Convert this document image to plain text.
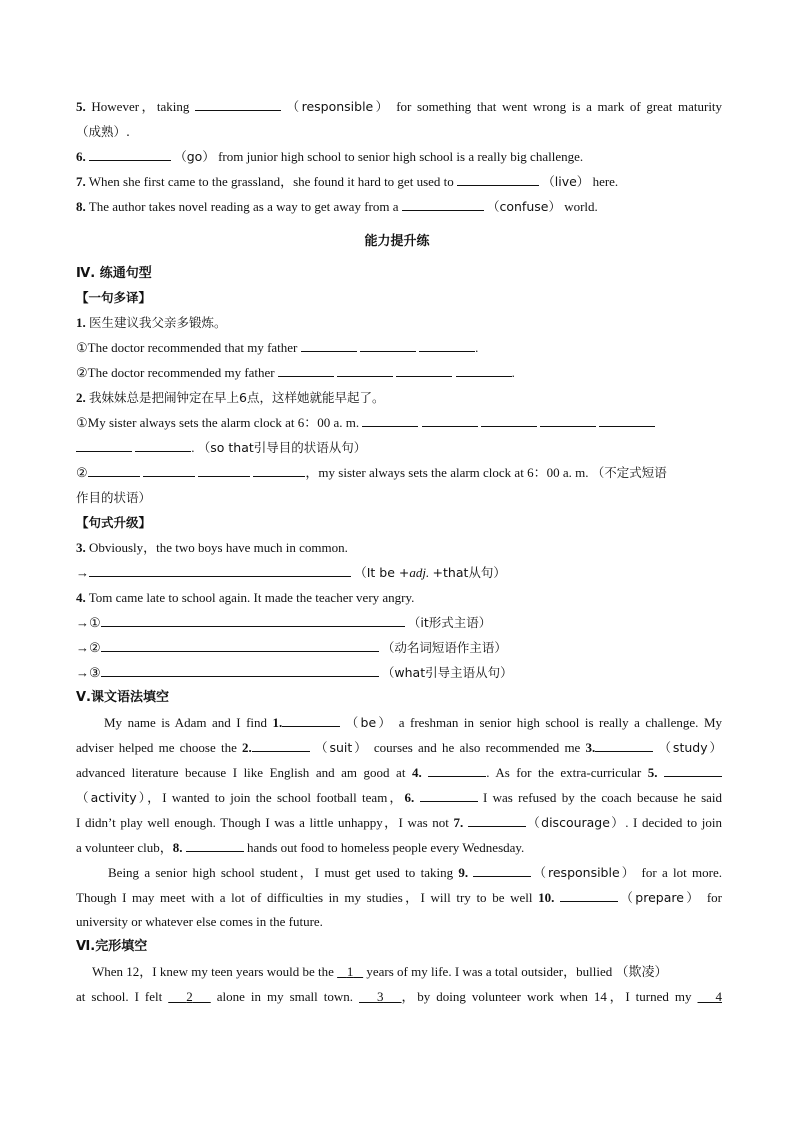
5. However，taking	（responsible） for something that went wrong is a mark of great maturity
（成熟）.
6.	（go） from junior high school to senior high school is a really big challenge.
7. When she first came to the grassland，she found it hard to get used to	（live） here.
8. The author takes novel reading as a way to get away from a	（confuse） world.
能力提升练
Ⅳ. 练通句型
【一句多译】
1. 医生建议我父亲多锻炼。
①The doctor recommended that my father	.
②The doctor recommended my father	.
2. 我妹妹总是把闹钟定在早上6点，这样她就能早起了。
①My sister always sets the alarm clock at 6：00 a. m.
. （so that引导目的状语从句）
②	，my sister always sets the alarm clock at 6：00 a. m. （不定式短语
作目的状语）
【句式升级】
3. Obviously，the two boys have much in common.
→	（It be +adj. +that从句）
4. Tom came late to school again. It made the teacher very angry.
→①	（it形式主语）
→②	（动名词短语作主语）
→③	（what引导主语从句）
Ⅴ.课文语法填空
My name is Adam and I find 1.	（be） a freshman in senior high school is really a challenge. My
adviser helped me choose the 2.	（suit） courses and he also recommended me 3.	（study）
advanced literature because I like English and am good at 4.	. As for the extra-curricular 5.
（activity），I wanted to join the school football team，6.	I was refused by the coach because he said
I didn’t play well enough. Though I was a little unhappy，I was not 7.	（discourage）. I decided to join
a volunteer club，8.	hands out food to homeless people every Wednesday.
Being a senior high school student，I must get used to taking 9.	（responsible） for a lot more.
Though I may meet with a lot of difficulties in my studies，I will try to be well 10.	（prepare） for
university or whatever else comes in the future.
Ⅵ.完形填空
When 12，I knew my teen years would be the 1 years of my life. I was a total outsider，bullied （欺凌）
at school. I felt 2 alone in my small town. 3 ，by doing volunteer work when 14，I turned my 4
